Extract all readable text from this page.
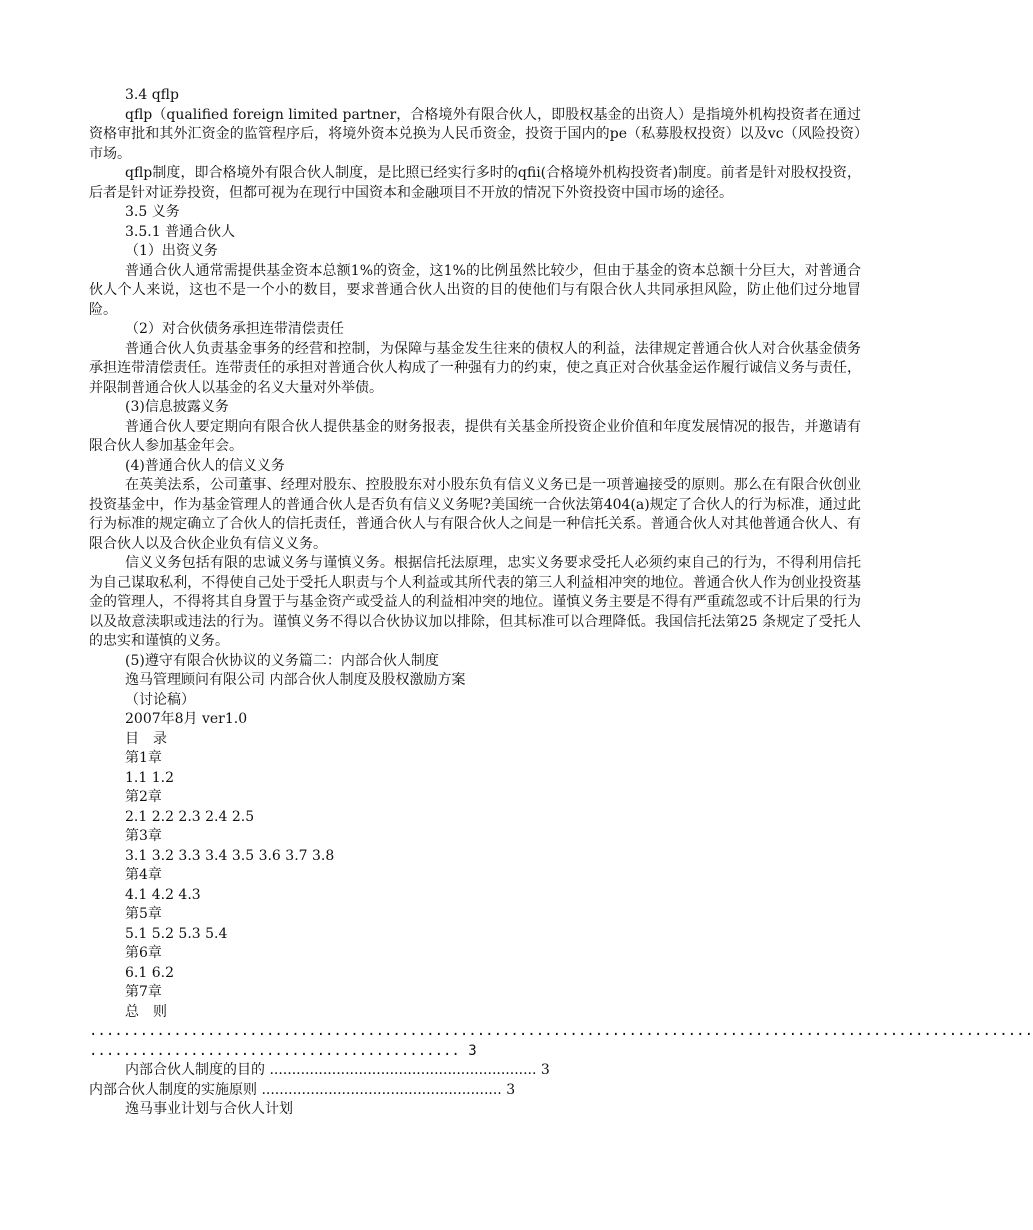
3.4 qflp

qflp（qualified foreign limited partner，合格境外有限合伙人，即股权基金的出资人）是指境外机构投资者在通过资格审批和其外汇资金的监管程序后，将境外资本兑换为人民币资金，投资于国内的pe（私募股权投资）以及vc（风险投资）市场。

qflp制度，即合格境外有限合伙人制度，是比照已经实行多时的qfii(合格境外机构投资者)制度。前者是针对股权投资，后者是针对证券投资，但都可视为在现行中国资本和金融项目不开放的情况下外资投资中国市场的途径。

3.5 义务

3.5.1 普通合伙人

（1）出资义务

普通合伙人通常需提供基金资本总额1%的资金，这1%的比例虽然比较少，但由于基金的资本总额十分巨大，对普通合伙人个人来说，这也不是一个小的数目，要求普通合伙人出资的目的使他们与有限合伙人共同承担风险，防止他们过分地冒险。

（2）对合伙债务承担连带清偿责任

普通合伙人负责基金事务的经营和控制，为保障与基金发生往来的债权人的利益，法律规定普通合伙人对合伙基金债务承担连带清偿责任。连带责任的承担对普通合伙人构成了一种强有力的约束，使之真正对合伙基金运作履行诚信义务与责任，并限制普通合伙人以基金的名义大量对外举债。

(3)信息披露义务

普通合伙人要定期向有限合伙人提供基金的财务报表，提供有关基金所投资企业价值和年度发展情况的报告，并邀请有限合伙人参加基金年会。

(4)普通合伙人的信义义务

在英美法系，公司董事、经理对股东、控股股东对小股东负有信义义务已是一项普遍接受的原则。那么在有限合伙创业投资基金中，作为基金管理人的普通合伙人是否负有信义义务呢?美国统一合伙法第404(a)规定了合伙人的行为标准，通过此行为标准的规定确立了合伙人的信托责任，普通合伙人与有限合伙人之间是一种信托关系。普通合伙人对其他普通合伙人、有限合伙人以及合伙企业负有信义义务。

信义义务包括有限的忠诚义务与谨慎义务。根据信托法原理，忠实义务要求受托人必须约束自己的行为，不得利用信托为自己谋取私利，不得使自己处于受托人职责与个人利益或其所代表的第三人利益相冲突的地位。普通合伙人作为创业投资基金的管理人，不得将其自身置于与基金资产或受益人的利益相冲突的地位。谨慎义务主要是不得有严重疏忽或不计后果的行为以及故意渎职或违法的行为。谨慎义务不得以合伙协议加以排除，但其标准可以合理降低。我国信托法第25 条规定了受托人的忠实和谨慎的义务。

(5)遵守有限合伙协议的义务篇二：内部合伙人制度

逸马管理顾问有限公司 内部合伙人制度及股权激励方案

（讨论稿）

2007年8月 ver1.0

目　录

第1章

1.1 1.2

第2章

2.1 2.2 2.3 2.4 2.5

第3章

3.1 3.2 3.3 3.4 3.5 3.6 3.7 3.8

第4章

4.1 4.2 4.3

第5章

5.1 5.2 5.3 5.4

第6章

6.1 6.2

第7章

总　则

................................................................................................................

............................................ 3

内部合伙人制度的目的 ............................................................ 3

内部合伙人制度的实施原则 ...................................................... 3

逸马事业计划与合伙人计划
